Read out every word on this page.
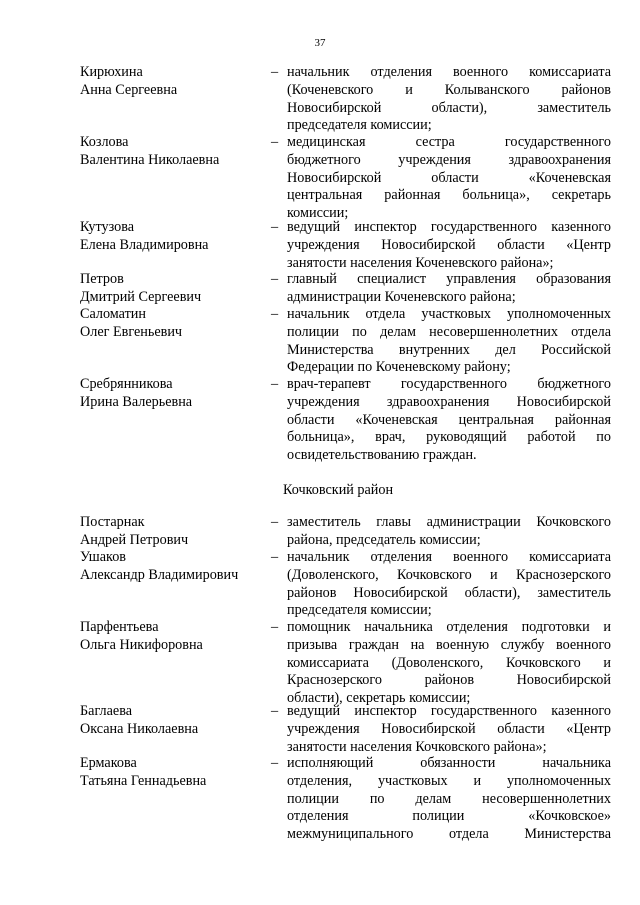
37
Кирюхина
Анна Сергеевна
– начальник отделения военного комиссариата
(Коченевского и Колыванского районов
Новосибирской области), заместитель
председателя комиссии;
Козлова
Валентина Николаевна
– медицинская сестра государственного
бюджетного учреждения здравоохранения
Новосибирской области «Коченевская
центральная районная больница», секретарь
комиссии;
Кутузова
Елена Владимировна
– ведущий инспектор государственного казенного
учреждения Новосибирской области «Центр
занятости населения Коченевского района»;
Петров
Дмитрий Сергеевич
– главный специалист управления образования
администрации Коченевского района;
Саломатин
Олег Евгеньевич
– начальник отдела участковых уполномоченных
полиции по делам несовершеннолетних отдела
Министерства внутренних дел Российской
Федерации по Коченевскому району;
Сребрянникова
Ирина Валерьевна
– врач-терапевт государственного бюджетного
учреждения здравоохранения Новосибирской
области «Коченевская центральная районная
больница», врач, руководящий работой по
освидетельствованию граждан.
Кочковский район
Постарнак
Андрей Петрович
– заместитель главы администрации Кочковского
района, председатель комиссии;
Ушаков
Александр Владимирович
– начальник отделения военного комиссариата
(Доволенского, Кочковского и Краснозерского
районов Новосибирской области), заместитель
председателя комиссии;
Парфентьева
Ольга Никифоровна
– помощник начальника отделения подготовки и
призыва граждан на военную службу военного
комиссариата (Доволенского, Кочковского и
Краснозерского районов Новосибирской
области), секретарь комиссии;
Баглаева
Оксана Николаевна
– ведущий инспектор государственного казенного
учреждения Новосибирской области «Центр
занятости населения Кочковского района»;
Ермакова
Татьяна Геннадьевна
– исполняющий обязанности начальника
отделения, участковых и уполномоченных
полиции по делам несовершеннолетних
отделения полиции «Кочковское»
межмуниципального отдела Министерства
